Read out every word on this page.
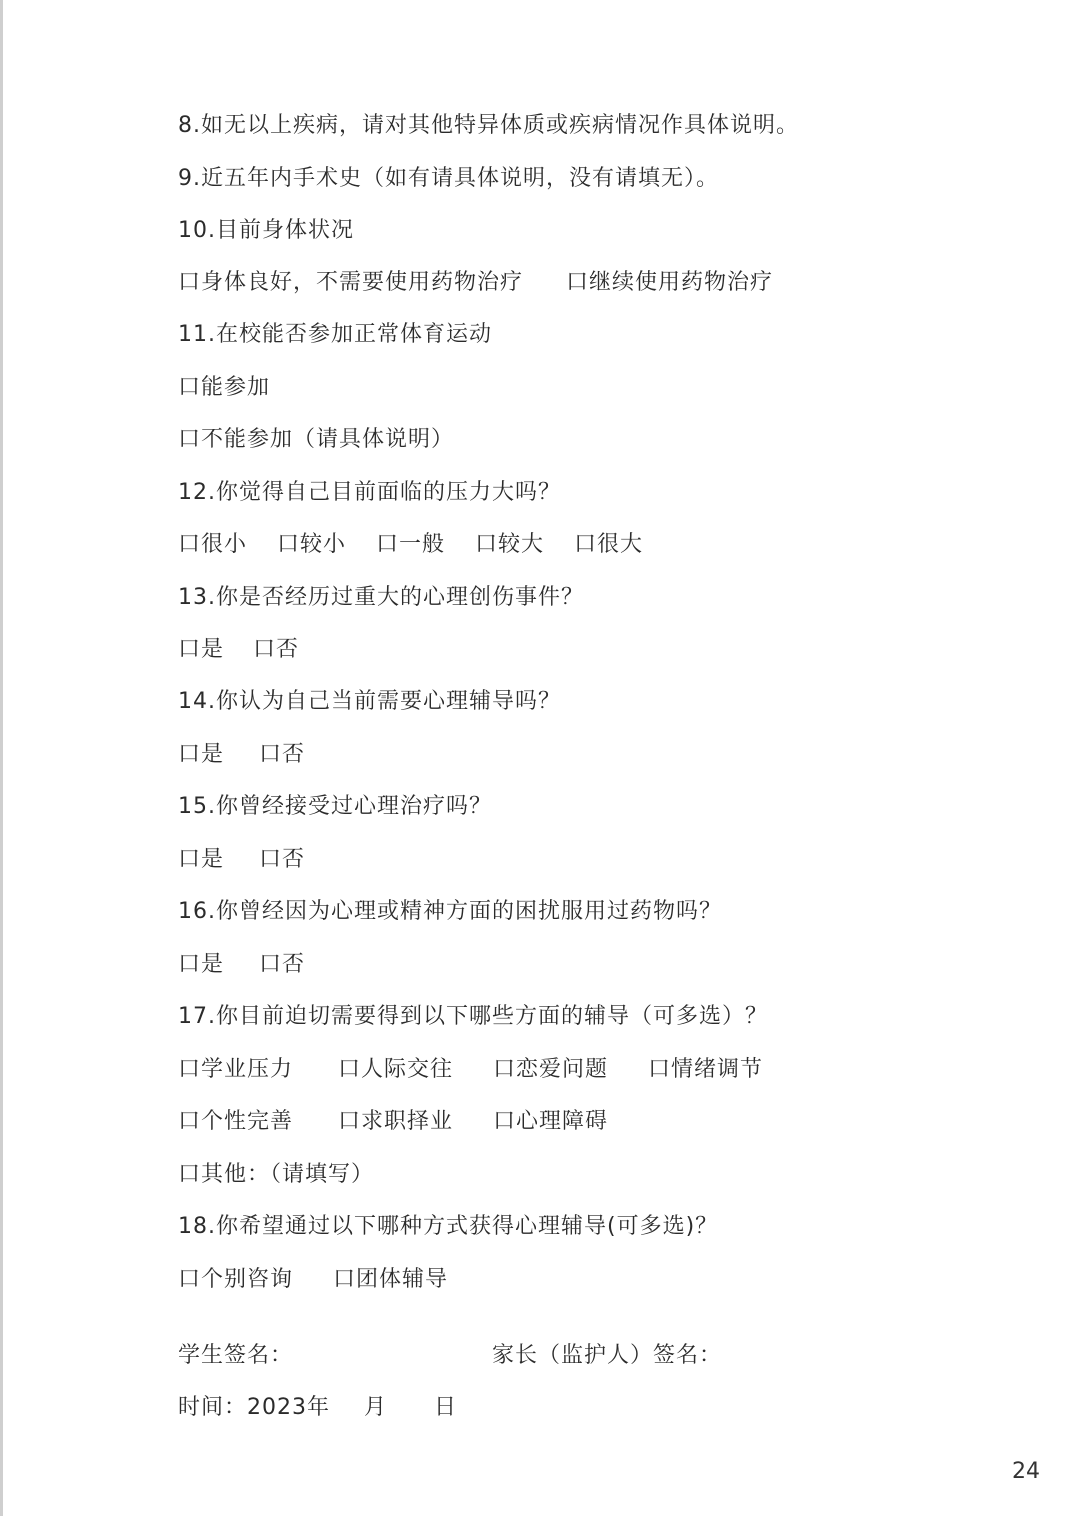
8.如无以上疾病，请对其他特异体质或疾病情况作具体说明。
9.近五年内手术史（如有请具体说明，没有请填无）。
10.目前身体状况
口身体良好，不需要使用药物治疗 口继续使用药物治疗
11.在校能否参加正常体育运动
口能参加
口不能参加（请具体说明）
12.你觉得自己目前面临的压力大吗？
口很小 口较小 口一般 口较大 口很大
13.你是否经历过重大的心理创伤事件？
口是 口否
14.你认为自己当前需要心理辅导吗？
口是 口否
15.你曾经接受过心理治疗吗？
口是 口否
16.你曾经因为心理或精神方面的困扰服用过药物吗？
口是 口否
17.你目前迫切需要得到以下哪些方面的辅导（可多选）？
口学业压力 口人际交往 口恋爱问题 口情绪调节
口个性完善 口求职择业 口心理障碍
口其他：（请填写）
18.你希望通过以下哪种方式获得心理辅导(可多选)？
口个别咨询 口团体辅导
学生签名：	家长（监护人）签名：
时间：2023年 月 日
24
